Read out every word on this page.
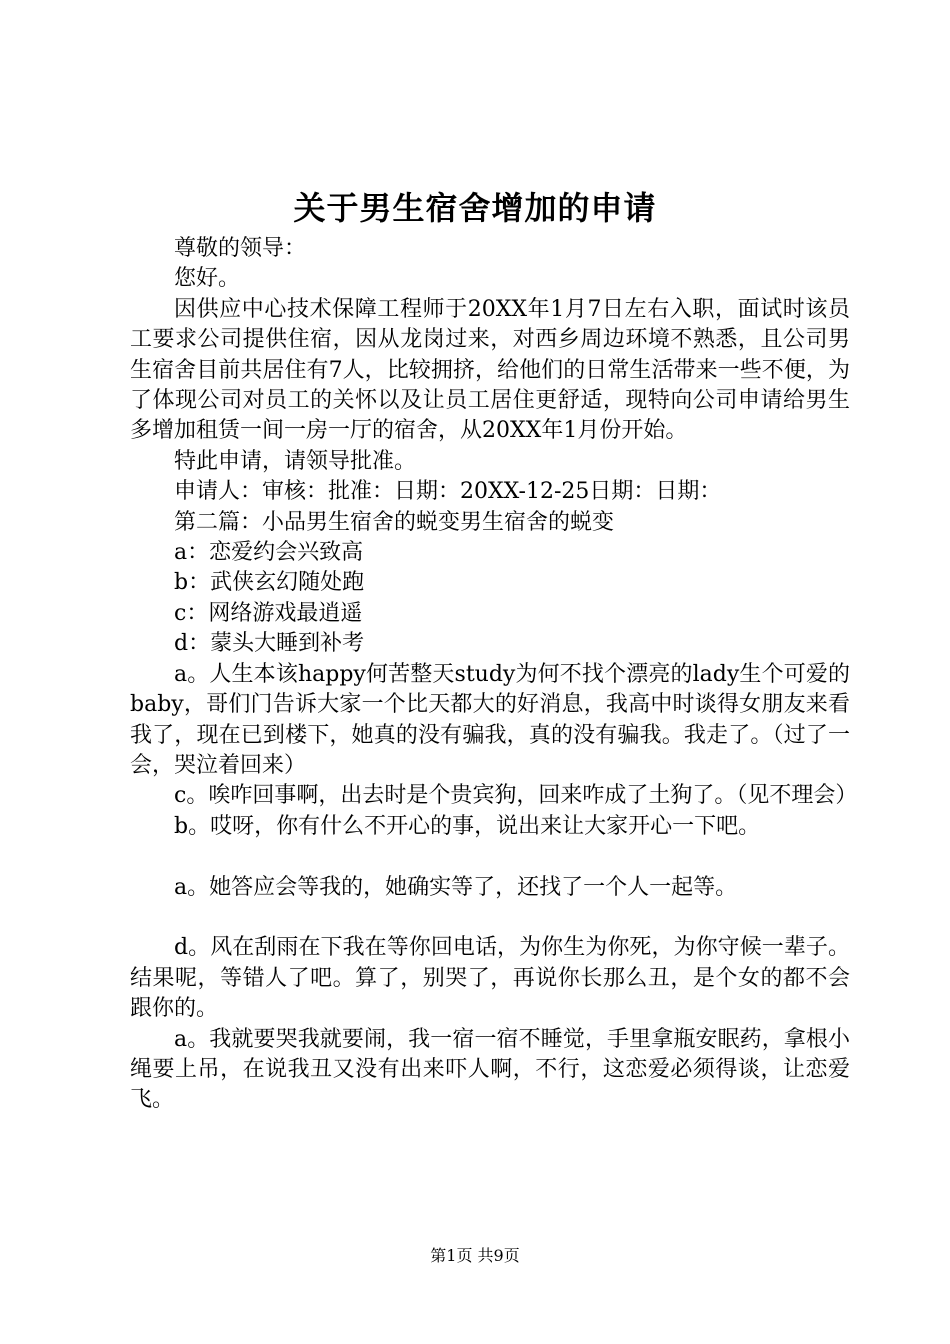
关于男生宿舍增加的申请

尊敬的领导：

您好。

因供应中心技术保障工程师于20XX年1月7日左右入职，面试时该员工要求公司提供住宿，因从龙岗过来，对西乡周边环境不熟悉，且公司男生宿舍目前共居住有7人，比较拥挤，给他们的日常生活带来一些不便，为了体现公司对员工的关怀以及让员工居住更舒适，现特向公司申请给男生多增加租赁一间一房一厅的宿舍，从20XX年1月份开始。

特此申请，请领导批准。

申请人：审核：批准：日期：20XX-12-25日期：日期：

第二篇：小品男生宿舍的蜕变男生宿舍的蜕变

a：恋爱约会兴致高

b：武侠玄幻随处跑

c：网络游戏最逍遥

d：蒙头大睡到补考

a。人生本该happy何苦整天study为何不找个漂亮的lady生个可爱的baby，哥们门告诉大家一个比天都大的好消息，我高中时谈得女朋友来看我了，现在已到楼下，她真的没有骗我，真的没有骗我。我走了。（过了一会，哭泣着回来）

c。唉咋回事啊，出去时是个贵宾狗，回来咋成了土狗了。（见不理会）

b。哎呀，你有什么不开心的事，说出来让大家开心一下吧。

a。她答应会等我的，她确实等了，还找了一个人一起等。

d。风在刮雨在下我在等你回电话，为你生为你死，为你守候一辈子。结果呢，等错人了吧。算了，别哭了，再说你长那么丑，是个女的都不会跟你的。

a。我就要哭我就要闹，我一宿一宿不睡觉，手里拿瓶安眠药，拿根小绳要上吊，在说我丑又没有出来吓人啊，不行，这恋爱必须得谈，让恋爱飞。

第1页 共9页
